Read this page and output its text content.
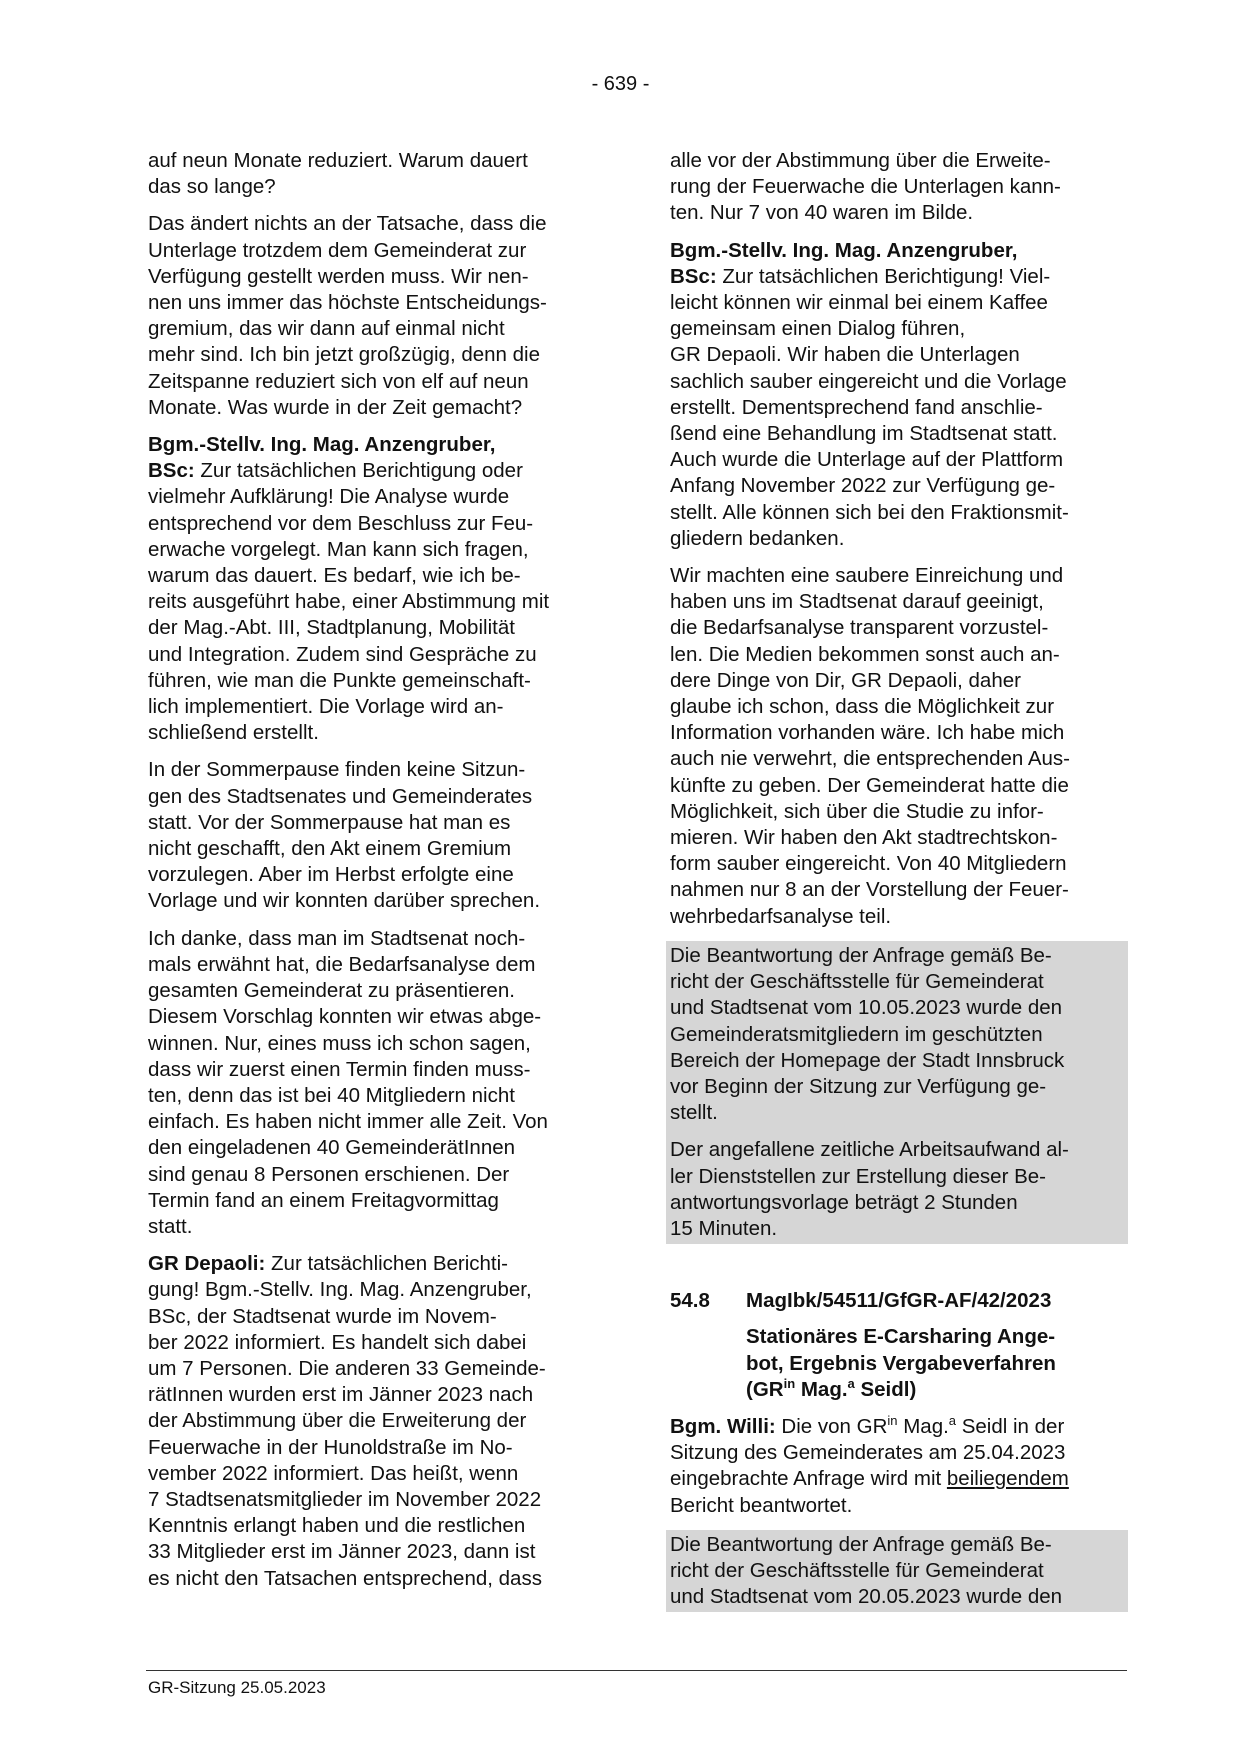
- 639 -
auf neun Monate reduziert. Warum dauert
das so lange?
Das ändert nichts an der Tatsache, dass die
Unterlage trotzdem dem Gemeinderat zur
Verfügung gestellt werden muss. Wir nen-
nen uns immer das höchste Entscheidungs-
gremium, das wir dann auf einmal nicht
mehr sind. Ich bin jetzt großzügig, denn die
Zeitspanne reduziert sich von elf auf neun
Monate. Was wurde in der Zeit gemacht?
Bgm.-Stellv. Ing. Mag. Anzengruber,
BSc: Zur tatsächlichen Berichtigung oder
vielmehr Aufklärung! Die Analyse wurde
entsprechend vor dem Beschluss zur Feu-
erwache vorgelegt. Man kann sich fragen,
warum das dauert. Es bedarf, wie ich be-
reits ausgeführt habe, einer Abstimmung mit
der Mag.-Abt. III, Stadtplanung, Mobilität
und Integration. Zudem sind Gespräche zu
führen, wie man die Punkte gemeinschaft-
lich implementiert. Die Vorlage wird an-
schließend erstellt.
In der Sommerpause finden keine Sitzun-
gen des Stadtsenates und Gemeinderates
statt. Vor der Sommerpause hat man es
nicht geschafft, den Akt einem Gremium
vorzulegen. Aber im Herbst erfolgte eine
Vorlage und wir konnten darüber sprechen.
Ich danke, dass man im Stadtsenat noch-
mals erwähnt hat, die Bedarfsanalyse dem
gesamten Gemeinderat zu präsentieren.
Diesem Vorschlag konnten wir etwas abge-
winnen. Nur, eines muss ich schon sagen,
dass wir zuerst einen Termin finden muss-
ten, denn das ist bei 40 Mitgliedern nicht
einfach. Es haben nicht immer alle Zeit. Von
den eingeladenen 40 GemeinderätInnen
sind genau 8 Personen erschienen. Der
Termin fand an einem Freitagvormittag
statt.
GR Depaoli: Zur tatsächlichen Berichti-
gung! Bgm.-Stellv. Ing. Mag. Anzengruber,
BSc, der Stadtsenat wurde im Novem-
ber 2022 informiert. Es handelt sich dabei
um 7 Personen. Die anderen 33 Gemeinde-
rätInnen wurden erst im Jänner 2023 nach
der Abstimmung über die Erweiterung der
Feuerwache in der Hunoldstraße im No-
vember 2022 informiert. Das heißt, wenn
7 Stadtsenatsmitglieder im November 2022
Kenntnis erlangt haben und die restlichen
33 Mitglieder erst im Jänner 2023, dann ist
es nicht den Tatsachen entsprechend, dass
alle vor der Abstimmung über die Erweite-
rung der Feuerwache die Unterlagen kann-
ten. Nur 7 von 40 waren im Bilde.
Bgm.-Stellv. Ing. Mag. Anzengruber,
BSc: Zur tatsächlichen Berichtigung! Viel-
leicht können wir einmal bei einem Kaffee
gemeinsam einen Dialog führen,
GR Depaoli. Wir haben die Unterlagen
sachlich sauber eingereicht und die Vorlage
erstellt. Dementsprechend fand anschlie-
ßend eine Behandlung im Stadtsenat statt.
Auch wurde die Unterlage auf der Plattform
Anfang November 2022 zur Verfügung ge-
stellt. Alle können sich bei den Fraktionsmit-
gliedern bedanken.
Wir machten eine saubere Einreichung und
haben uns im Stadtsenat darauf geeinigt,
die Bedarfsanalyse transparent vorzustel-
len. Die Medien bekommen sonst auch an-
dere Dinge von Dir, GR Depaoli, daher
glaube ich schon, dass die Möglichkeit zur
Information vorhanden wäre. Ich habe mich
auch nie verwehrt, die entsprechenden Aus-
künfte zu geben. Der Gemeinderat hatte die
Möglichkeit, sich über die Studie zu infor-
mieren. Wir haben den Akt stadtrechtskon-
form sauber eingereicht. Von 40 Mitgliedern
nahmen nur 8 an der Vorstellung der Feuer-
wehrbedarfsanalyse teil.
Die Beantwortung der Anfrage gemäß Be-
richt der Geschäftsstelle für Gemeinderat
und Stadtsenat vom 10.05.2023 wurde den
Gemeinderatsmitgliedern im geschützten
Bereich der Homepage der Stadt Innsbruck
vor Beginn der Sitzung zur Verfügung ge-
stellt.
Der angefallene zeitliche Arbeitsaufwand al-
ler Dienststellen zur Erstellung dieser Be-
antwortungsvorlage beträgt 2 Stunden
15 Minuten.
54.8	MagIbk/54511/GfGR-AF/42/2023
Stationäres E-Carsharing Ange-
bot, Ergebnis Vergabeverfahren
($GR^{in}$ Mag.$^a$ Seidl)
Bgm. Willi: Die von $GR^{in}$ Mag.$^a$ Seidl in der
Sitzung des Gemeinderates am 25.04.2023
eingebrachte Anfrage wird mit beiliegendem
Bericht beantwortet.
Die Beantwortung der Anfrage gemäß Be-
richt der Geschäftsstelle für Gemeinderat
und Stadtsenat vom 20.05.2023 wurde den
GR-Sitzung 25.05.2023
